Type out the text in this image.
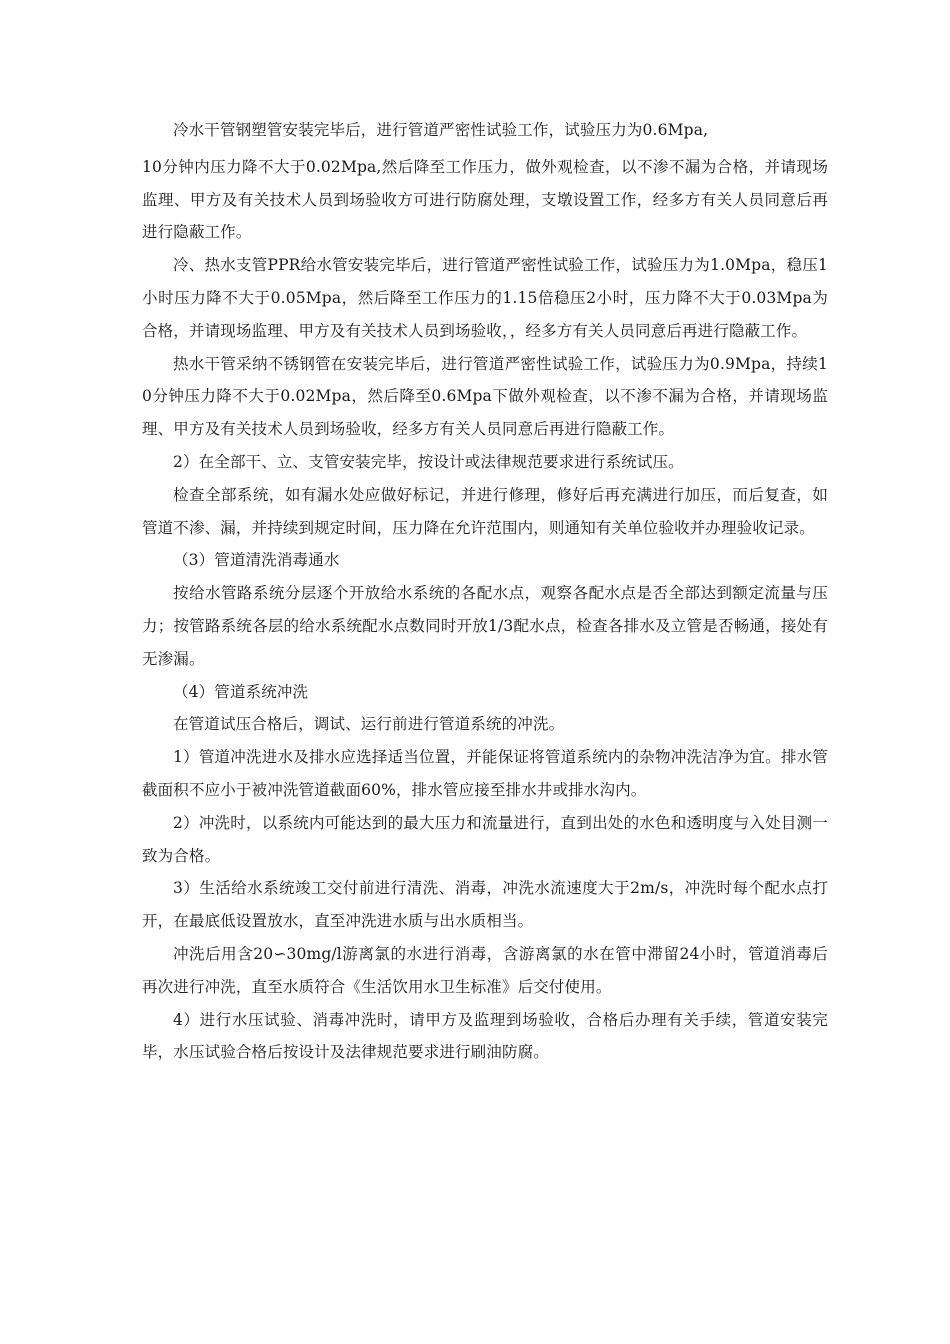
冷水干管钢塑管安装完毕后，进行管道严密性试验工作，试验压力为0.6Mpa,

10分钟内压力降不大于0.02Mpa,然后降至工作压力，做外观检查，以不渗不漏为合格，并请现场监理、甲方及有关技术人员到场验收方可进行防腐处理，支墩设置工作，经多方有关人员同意后再进行隐蔽工作。

冷、热水支管PPR给水管安装完毕后，进行管道严密性试验工作，试验压力为1.0Mpa，稳压1小时压力降不大于0.05Mpa，然后降至工作压力的1.15倍稳压2小时，压力降不大于0.03Mpa为合格，并请现场监理、甲方及有关技术人员到场验收，，经多方有关人员同意后再进行隐蔽工作。

热水干管采纳不锈钢管在安装完毕后，进行管道严密性试验工作，试验压力为0.9Mpa，持续10分钟压力降不大于0.02Mpa，然后降至0.6Mpa下做外观检查，以不渗不漏为合格，并请现场监理、甲方及有关技术人员到场验收，经多方有关人员同意后再进行隐蔽工作。

2）在全部干、立、支管安装完毕，按设计或法律规范要求进行系统试压。

检查全部系统，如有漏水处应做好标记，并进行修理，修好后再充满进行加压，而后复查，如管道不渗、漏，并持续到规定时间，压力降在允许范围内，则通知有关单位验收并办理验收记录。

（3）管道清洗消毒通水

按给水管路系统分层逐个开放给水系统的各配水点，观察各配水点是否全部达到额定流量与压力；按管路系统各层的给水系统配水点数同时开放1/3配水点，检查各排水及立管是否畅通，接处有无渗漏。

（4）管道系统冲洗

在管道试压合格后，调试、运行前进行管道系统的冲洗。

1）管道冲洗进水及排水应选择适当位置，并能保证将管道系统内的杂物冲洗洁净为宜。排水管截面积不应小于被冲洗管道截面60%，排水管应接至排水井或排水沟内。

2）冲洗时，以系统内可能达到的最大压力和流量进行，直到出处的水色和透明度与入处目测一致为合格。

3）生活给水系统竣工交付前进行清洗、消毒，冲洗水流速度大于2m/s，冲洗时每个配水点打开，在最底低设置放水，直至冲洗进水质与出水质相当。

冲洗后用含20∽30mg/l游离氯的水进行消毒，含游离氯的水在管中滞留24小时，管道消毒后再次进行冲洗，直至水质符合《生活饮用水卫生标准》后交付使用。

4）进行水压试验、消毒冲洗时，请甲方及监理到场验收，合格后办理有关手续，管道安装完毕，水压试验合格后按设计及法律规范要求进行刷油防腐。
